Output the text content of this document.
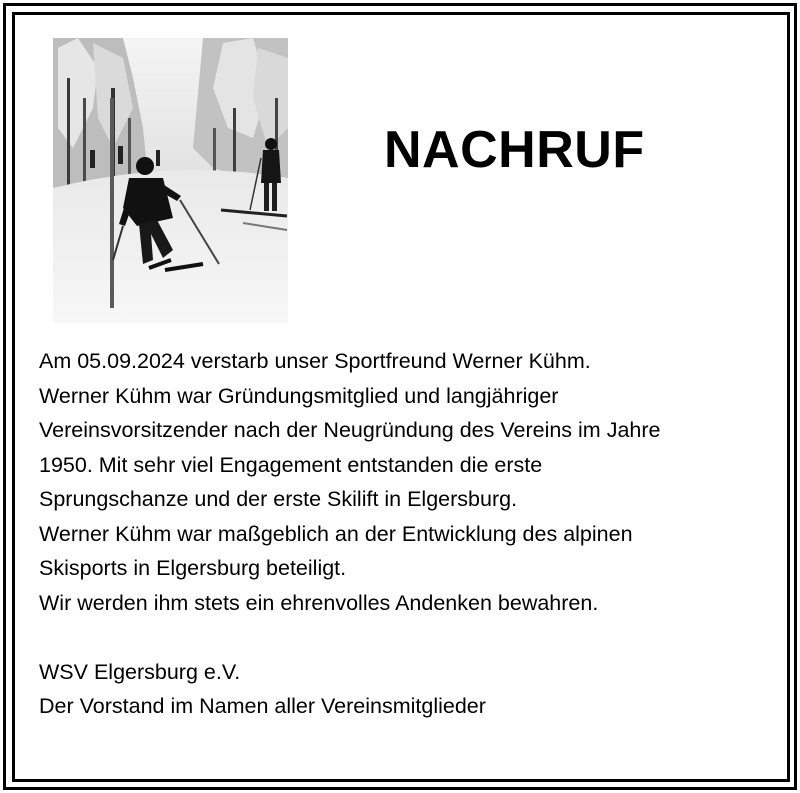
NACHRUF

Am 05.09.2024 verstarb unser Sportfreund Werner Kühm.

Werner Kühm war Gründungsmitglied und langjähriger

Vereinsvorsitzender nach der Neugründung des Vereins im Jahre

1950. Mit sehr viel Engagement entstanden die erste

Sprungschanze und der erste Skilift in Elgersburg.

Werner Kühm war maßgeblich an der Entwicklung des alpinen

Skisports in Elgersburg beteiligt.

Wir werden ihm stets ein ehrenvolles Andenken bewahren.

WSV Elgersburg e.V.

Der Vorstand im Namen aller Vereinsmitglieder
